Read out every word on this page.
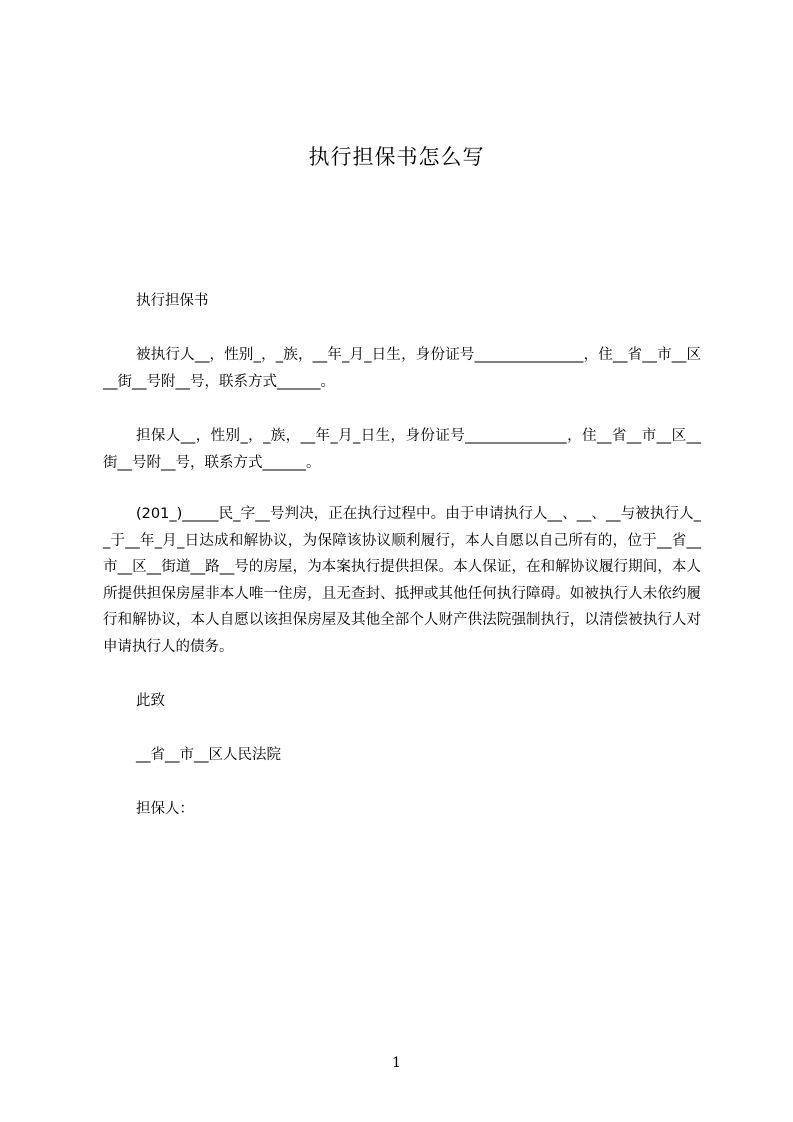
执行担保书怎么写
执行担保书
被执行人__，性别_，_族，__年_月_日生，身份证号_______________，住__省__市__区__街__号附__号，联系方式______。
担保人__，性别_，_族，__年_月_日生，身份证号______________，住__省__市__区__街__号附__号，联系方式______。
(201_)_____民_字__号判决，正在执行过程中。由于申请执行人__、__、__与被执行人__于__年_月_日达成和解协议，为保障该协议顺利履行，本人自愿以自己所有的，位于__省__市__区__街道__路__号的房屋，为本案执行提供担保。本人保证，在和解协议履行期间，本人所提供担保房屋非本人唯一住房，且无查封、抵押或其他任何执行障碍。如被执行人未依约履行和解协议，本人自愿以该担保房屋及其他全部个人财产供法院强制执行，以清偿被执行人对申请执行人的债务。
此致
__省__市__区人民法院
担保人：
1
